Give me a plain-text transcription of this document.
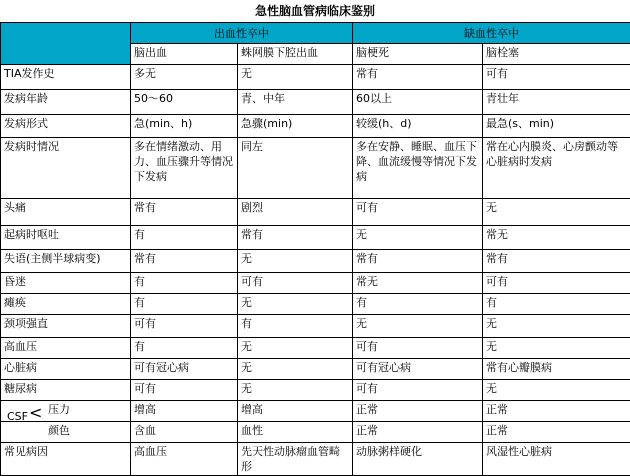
急性脑血管病临床鉴别
	出血性卒中		缺血性卒中	
	脑出血	蛛网膜下腔出血	脑梗死	脑栓塞
TIA发作史	多无	无	常有	可有
发病年龄	50～60	青、中年	60以上	青壮年
发病形式	急(min、h)	急骤(min)	较缓(h、d)	最急(s、min)
发病时情况	多在情绪激动、用力、血压骤升等情况下发病	同左	多在安静、睡眠、血压下降、血流缓慢等情况下发病	常在心内膜炎、心房颤动等心脏病时发病
头痛	常有	剧烈	可有	无
起病时呕吐	有	常有	无	常无
失语(主侧半球病变)	常有	无	常有	常有
昏迷	有	可有	常无	可有
瘫痪	有	无	有	有
颈项强直	可有	有	无	无
高血压	有	无	可有	无
心脏病	可有冠心病	无	可有冠心病	常有心瓣膜病
糖尿病	可有	无	可有	无

CSF < 压力	增高	增高	正常	正常
颜色	含血	血性	正常	正常
常见病因	高血压	先天性动脉瘤血管畸形	动脉粥样硬化	风湿性心脏病
